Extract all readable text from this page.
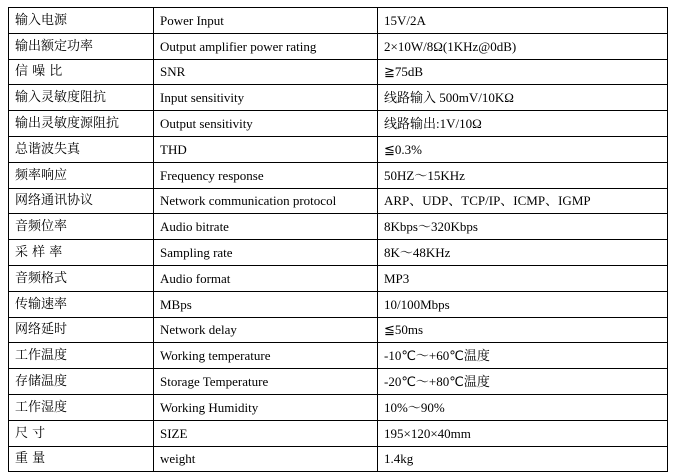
输入电源	Power Input	15V/2A
输出额定功率	Output amplifier power rating	2×10W/8Ω(1KHz@0dB)
信 噪 比	SNR	≧75dB
输入灵敏度阻抗	Input sensitivity	线路输入 500mV/10KΩ
输出灵敏度源阻抗	Output sensitivity	线路输出:1V/10Ω
总谐波失真	THD	≦0.3%
频率响应	Frequency response	50HZ～15KHz
网络通讯协议	Network communication protocol	ARP、UDP、TCP/IP、ICMP、IGMP
音频位率	Audio bitrate	8Kbps～320Kbps
采 样 率	Sampling rate	8K～48KHz
音频格式	Audio format	MP3
传输速率	MBps	10/100Mbps
网络延时	Network delay	≦50ms
工作温度	Working temperature	-10℃～+60℃温度
存储温度	Storage Temperature	-20℃～+80℃温度
工作湿度	Working Humidity	10%～90%
尺 寸	SIZE	195×120×40mm
重 量	weight	1.4kg
